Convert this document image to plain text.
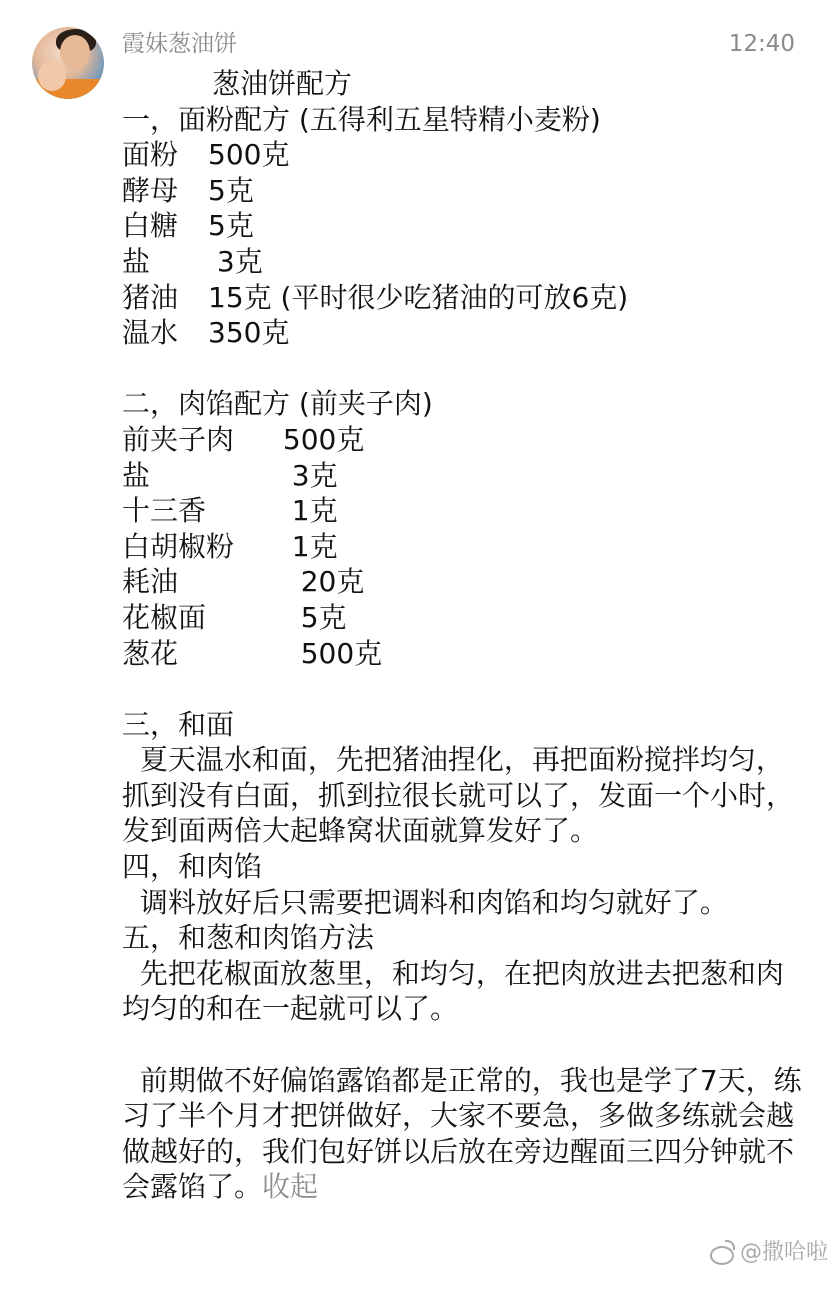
霞妹葱油饼	12:40

葱油饼配方

一，面粉配方 (五得利五星特精小麦粉)

面粉	500克
酵母	5克
白糖	5克
盐	3克
猪油	15克 (平时很少吃猪油的可放6克)
温水	350克

二，肉馅配方 (前夹子肉)

前夹子肉	500克
盐	3克
十三香	1克
白胡椒粉	1克
耗油	20克
花椒面	5克
葱花	500克

三，和面

夏天温水和面，先把猪油捏化，再把面粉搅拌均匀，抓到没有白面，抓到拉很长就可以了，发面一个小时，发到面两倍大起蜂窝状面就算发好了。

四，和肉馅

调料放好后只需要把调料和肉馅和均匀就好了。

五，和葱和肉馅方法

先把花椒面放葱里，和均匀，在把肉放进去把葱和肉均匀的和在一起就可以了。

前期做不好偏馅露馅都是正常的，我也是学了7天，练习了半个月才把饼做好，大家不要急，多做多练就会越做越好的，我们包好饼以后放在旁边醒面三四分钟就不会露馅了。收起

@撒哈啦
